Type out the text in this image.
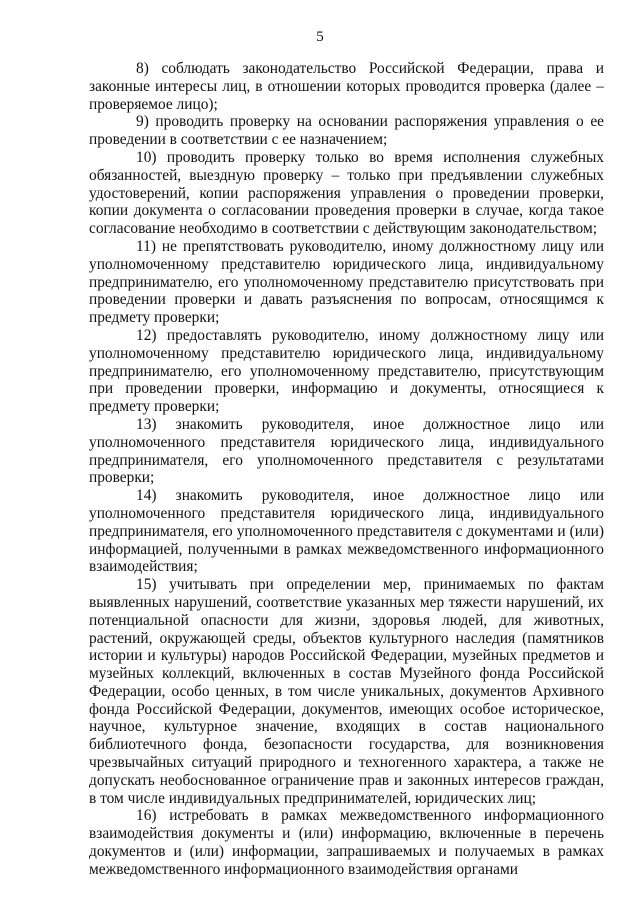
5

8) соблюдать законодательство Российской Федерации, права и законные интересы лиц, в отношении которых проводится проверка (далее – проверяемое лицо);

9) проводить проверку на основании распоряжения управления о ее проведении в соответствии с ее назначением;

10) проводить проверку только во время исполнения служебных обязанностей, выездную проверку – только при предъявлении служебных удостоверений, копии распоряжения управления о проведении проверки, копии документа о согласовании проведения проверки в случае, когда такое согласование необходимо в соответствии с действующим законодательством;

11) не препятствовать руководителю, иному должностному лицу или уполномоченному представителю юридического лица, индивидуальному предпринимателю, его уполномоченному представителю присутствовать при проведении проверки и давать разъяснения по вопросам, относящимся к предмету проверки;

12) предоставлять руководителю, иному должностному лицу или уполномоченному представителю юридического лица, индивидуальному предпринимателю, его уполномоченному представителю, присутствующим при проведении проверки, информацию и документы, относящиеся к предмету проверки;

13) знакомить руководителя, иное должностное лицо или уполномоченного представителя юридического лица, индивидуального предпринимателя, его уполномоченного представителя с результатами проверки;

14) знакомить руководителя, иное должностное лицо или уполномоченного представителя юридического лица, индивидуального предпринимателя, его уполномоченного представителя с документами и (или) информацией, полученными в рамках межведомственного информационного взаимодействия;

15) учитывать при определении мер, принимаемых по фактам выявленных нарушений, соответствие указанных мер тяжести нарушений, их потенциальной опасности для жизни, здоровья людей, для животных, растений, окружающей среды, объектов культурного наследия (памятников истории и культуры) народов Российской Федерации, музейных предметов и музейных коллекций, включенных в состав Музейного фонда Российской Федерации, особо ценных, в том числе уникальных, документов Архивного фонда Российской Федерации, документов, имеющих особое историческое, научное, культурное значение, входящих в состав национального библиотечного фонда, безопасности государства, для возникновения чрезвычайных ситуаций природного и техногенного характера, а также не допускать необоснованное ограничение прав и законных интересов граждан, в том числе индивидуальных предпринимателей, юридических лиц;

16) истребовать в рамках межведомственного информационного взаимодействия документы и (или) информацию, включенные в перечень документов и (или) информации, запрашиваемых и получаемых в рамках межведомственного информационного взаимодействия органами
